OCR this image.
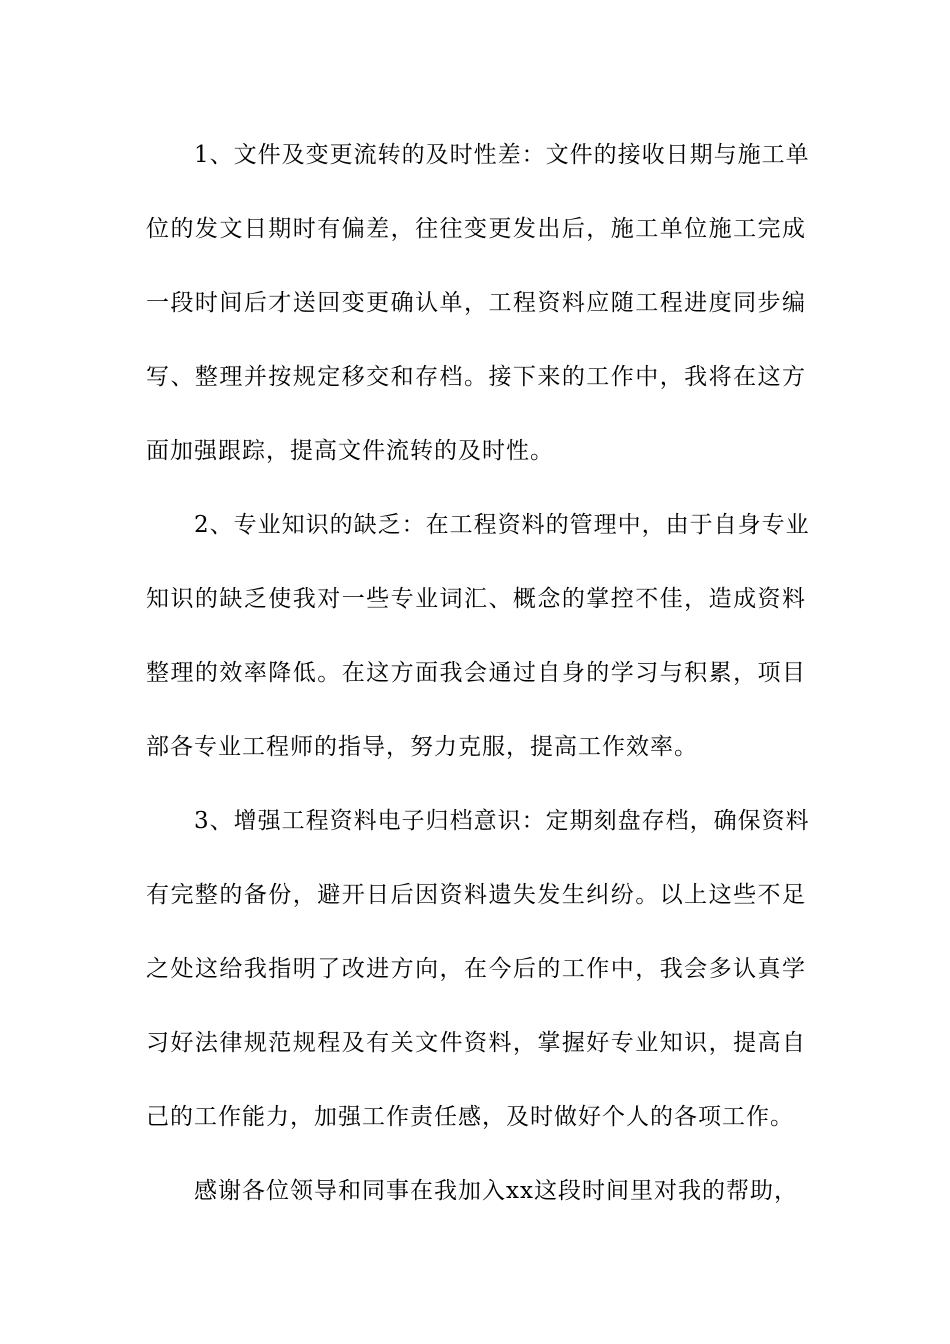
1、文件及变更流转的及时性差：文件的接收日期与施工单
位的发文日期时有偏差，往往变更发出后，施工单位施工完成
一段时间后才送回变更确认单，工程资料应随工程进度同步编
写、整理并按规定移交和存档。接下来的工作中，我将在这方
面加强跟踪，提高文件流转的及时性。
2、专业知识的缺乏：在工程资料的管理中，由于自身专业
知识的缺乏使我对一些专业词汇、概念的掌控不佳，造成资料
整理的效率降低。在这方面我会通过自身的学习与积累，项目
部各专业工程师的指导，努力克服，提高工作效率。
3、增强工程资料电子归档意识：定期刻盘存档，确保资料
有完整的备份，避开日后因资料遗失发生纠纷。以上这些不足
之处这给我指明了改进方向，在今后的工作中，我会多认真学
习好法律规范规程及有关文件资料，掌握好专业知识，提高自
己的工作能力，加强工作责任感，及时做好个人的各项工作。
感谢各位领导和同事在我加入xx这段时间里对我的帮助，
